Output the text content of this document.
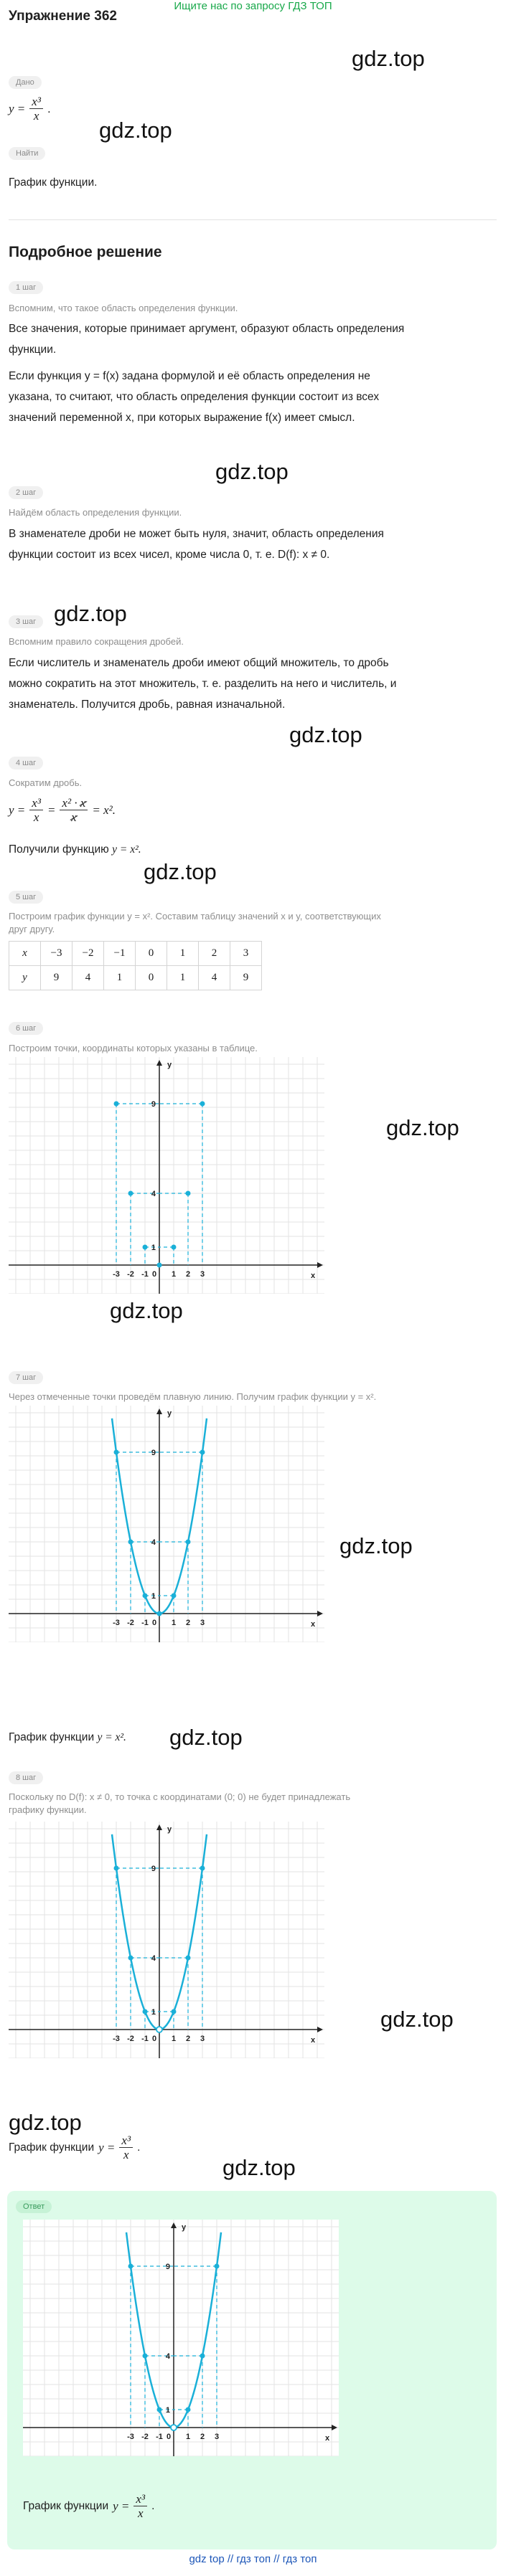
Ищите нас по запросу ГДЗ ТОП
Упражнение 362
gdz.top
gdz.top
gdz.top
gdz.top
gdz.top
gdz.top
gdz.top
gdz.top
gdz.top
gdz.top
gdz.top
gdz.top
gdz.top
Дано
$y = \frac{\text{x³}}{x}$ .
Найти
График функции.
Подробное решение
1 шаг
Вспомним, что такое область определения функции.
Все значения, которые принимает аргумент, образуют область определения
функции.
Если функция y = f(x) задана формулой и её область определения не
указана, то считают, что область определения функции состоит из всех
значений переменной x, при которых выражение f(x) имеет смысл.
2 шаг
Найдём область определения функции.
В знаменателе дроби не может быть нуля, значит, область определения
функции состоит из всех чисел, кроме числа 0, т. е. D(f): x ≠ 0.
3 шаг
Вспомним правило сокращения дробей.
Если числитель и знаменатель дроби имеют общий множитель, то дробь
можно сократить на этот множитель, т. е. разделить на него и числитель, и
знаменатель. Получится дробь, равная изначальной.
4 шаг
Сократим дробь.
$y = \frac{\text{x³}}{x} = \frac{\text{x² · x}}{x} = x^2$.
Получили функцию y = x².
5 шаг
Построим график функции y = x². Составим таблицу значений x и y, соответствующих
друг другу.
x	−3	−2	−1	0	1	2	3
y	9	4	1	0	1	4	9
6 шаг
Построим точки, координаты которых указаны в таблице.
x
y
-3 -2 -1 0 1 2 3
9
4
1
7 шаг
Через отмеченные точки проведём плавную линию. Получим график функции y = x².
x
y
-3 -2 -1 0 1 2 3
9
4
1
График функции y = x².
8 шаг
Поскольку по D(f): x ≠ 0, то точка с координатами (0; 0) не будет принадлежать
графику функции.
x
y
-3 -2 -1 0 1 2 3
9
4
1
График функции $y = \frac{\text{x³}}{x}$ .
Ответ
x
y
-3 -2 -1 0 1 2 3
9
4
1
График функции $y = \frac{\text{x³}}{x}$ .
gdz top // гдз топ // гдз топ
